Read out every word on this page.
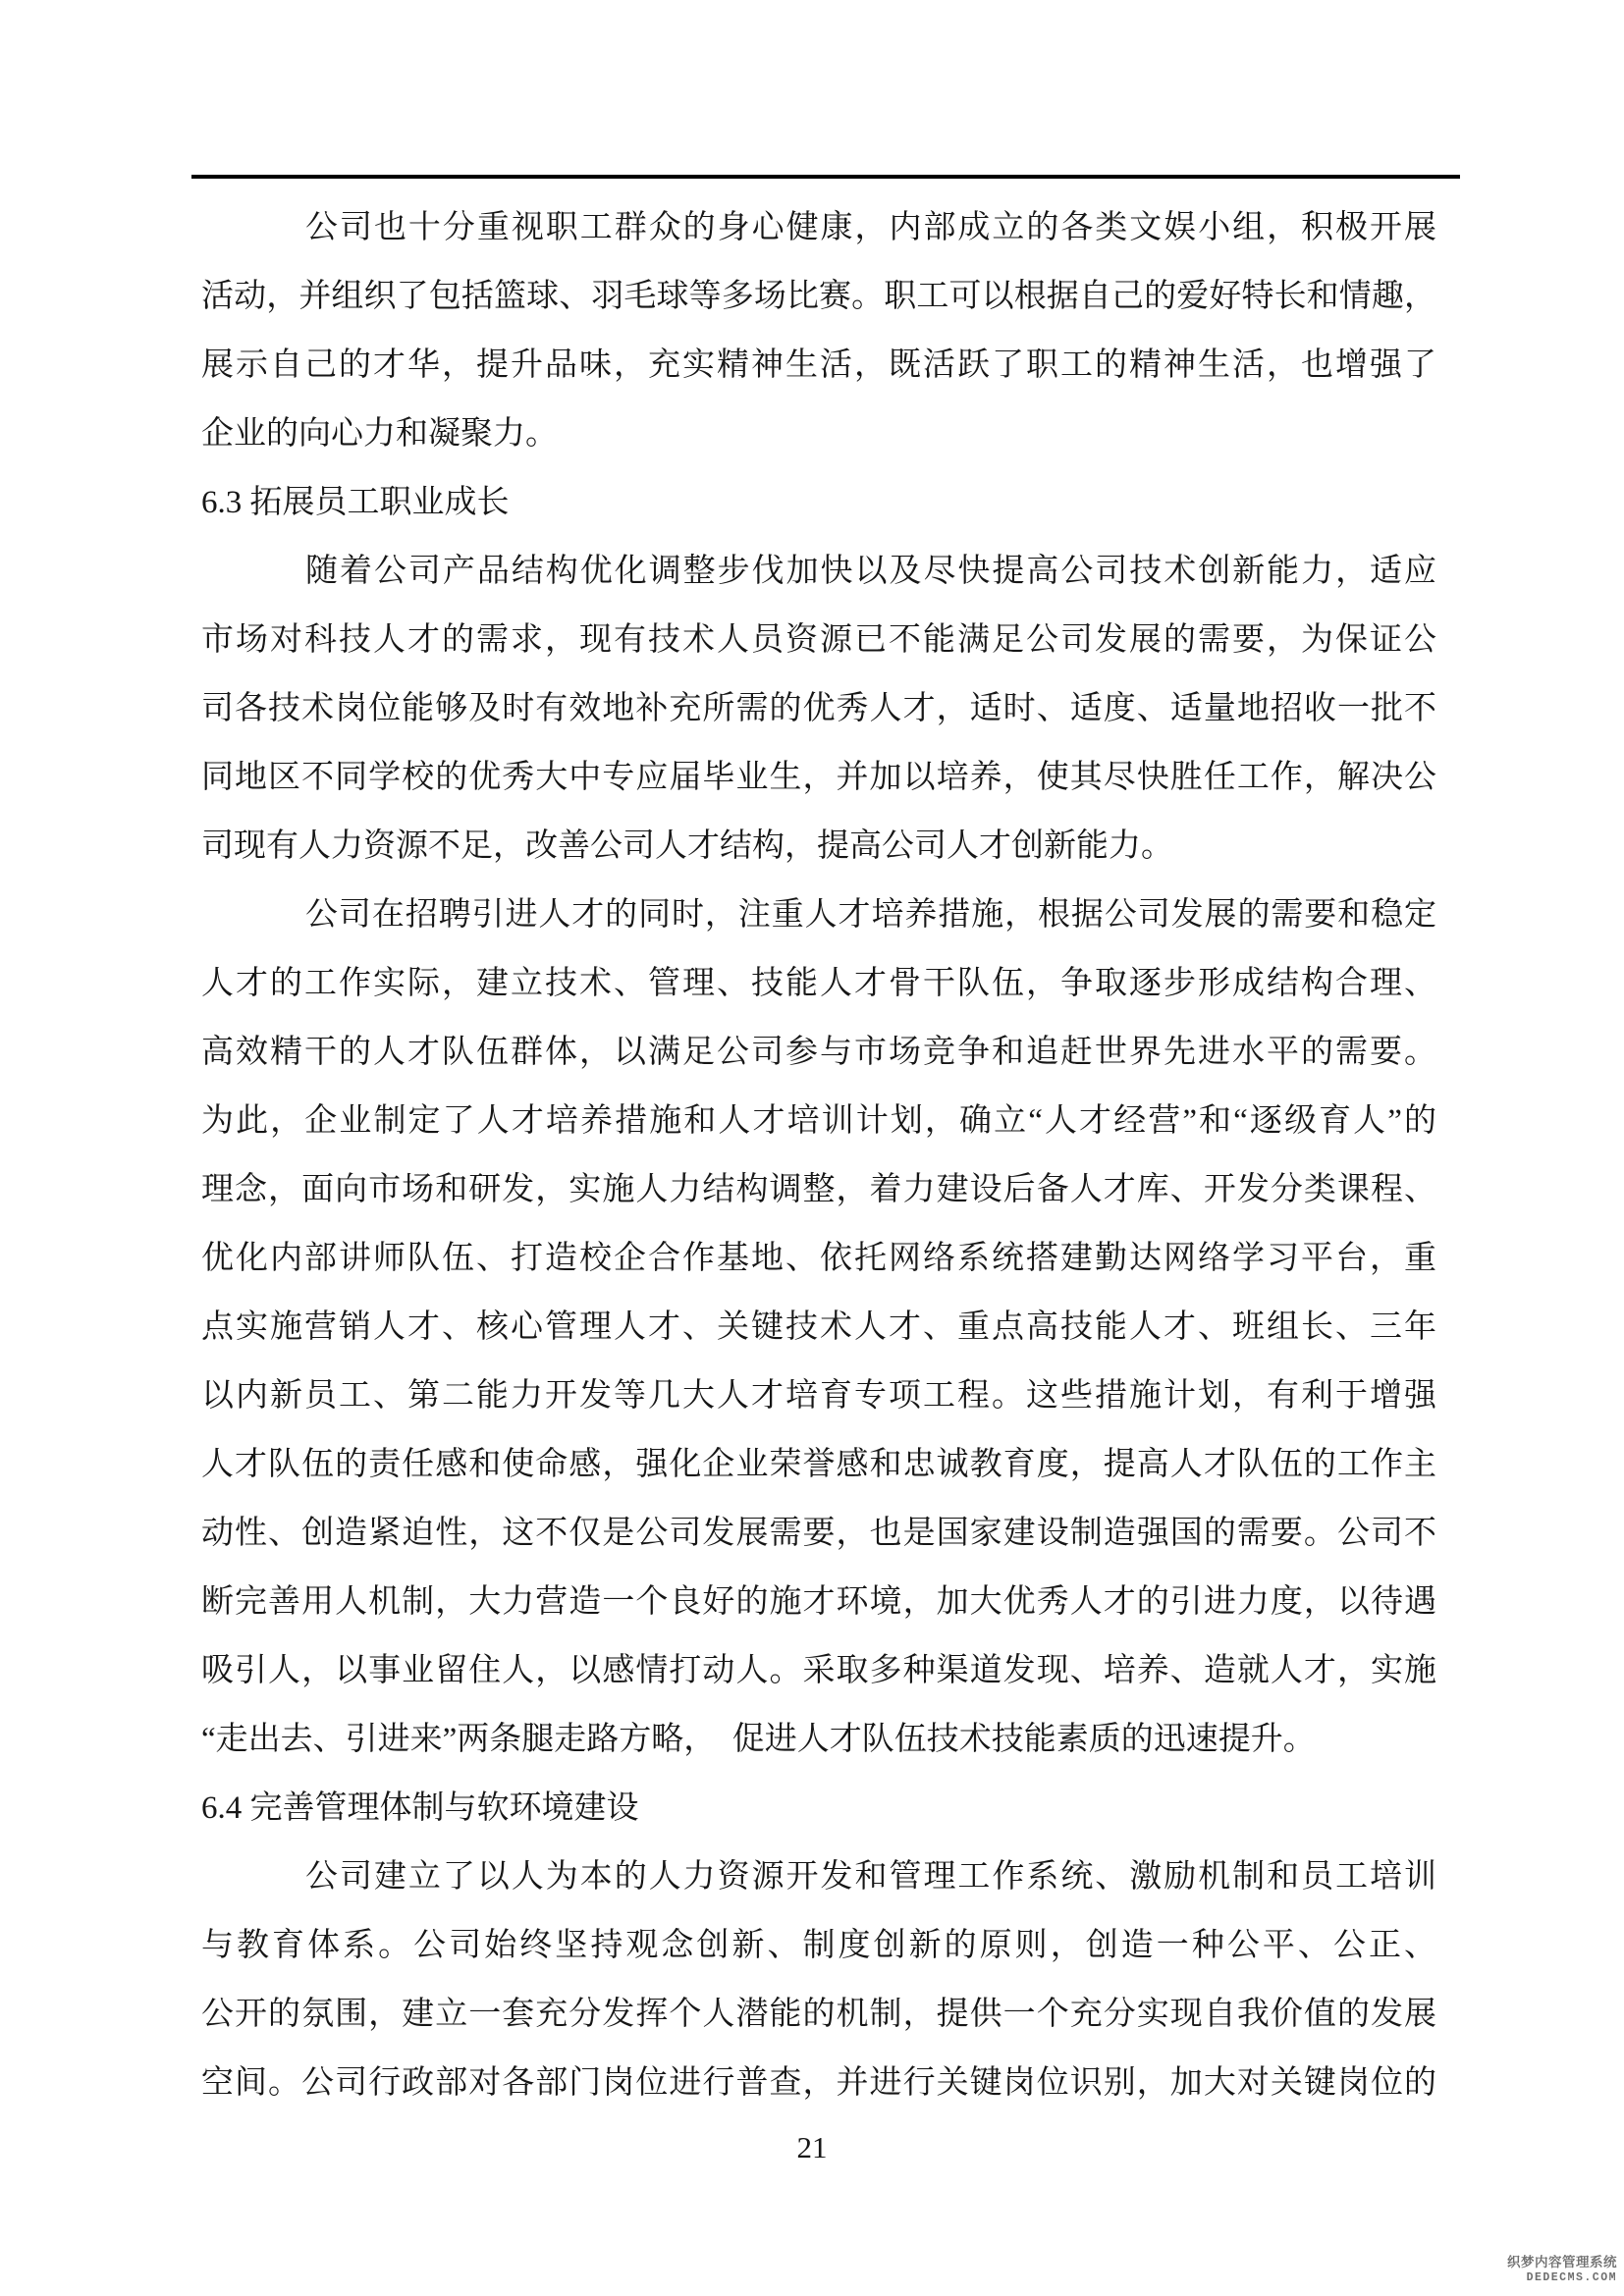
公司也十分重视职工群众的身心健康，内部成立的各类文娱小组，积极开展
活动，并组织了包括篮球、羽毛球等多场比赛。职工可以根据自己的爱好特长和情趣，
展示自己的才华，提升品味，充实精神生活，既活跃了职工的精神生活，也增强了
企业的向心力和凝聚力。
6.3 拓展员工职业成长
随着公司产品结构优化调整步伐加快以及尽快提高公司技术创新能力，适应
市场对科技人才的需求，现有技术人员资源已不能满足公司发展的需要，为保证公
司各技术岗位能够及时有效地补充所需的优秀人才，适时、适度、适量地招收一批不
同地区不同学校的优秀大中专应届毕业生，并加以培养，使其尽快胜任工作，解决公
司现有人力资源不足，改善公司人才结构，提高公司人才创新能力。
公司在招聘引进人才的同时，注重人才培养措施，根据公司发展的需要和稳定
人才的工作实际，建立技术、管理、技能人才骨干队伍，争取逐步形成结构合理、
高效精干的人才队伍群体，以满足公司参与市场竞争和追赶世界先进水平的需要。
为此，企业制定了人才培养措施和人才培训计划，确立“人才经营”和“逐级育人”的
理念，面向市场和研发，实施人力结构调整，着力建设后备人才库、开发分类课程、
优化内部讲师队伍、打造校企合作基地、依托网络系统搭建勤达网络学习平台，重
点实施营销人才、核心管理人才、关键技术人才、重点高技能人才、班组长、三年
以内新员工、第二能力开发等几大人才培育专项工程。这些措施计划，有利于增强
人才队伍的责任感和使命感，强化企业荣誉感和忠诚教育度，提高人才队伍的工作主
动性、创造紧迫性，这不仅是公司发展需要，也是国家建设制造强国的需要。公司不
断完善用人机制，大力营造一个良好的施才环境，加大优秀人才的引进力度，以待遇
吸引人，以事业留住人，以感情打动人。采取多种渠道发现、培养、造就人才，实施
“走出去、引进来”两条腿走路方略，　促进人才队伍技术技能素质的迅速提升。
6.4 完善管理体制与软环境建设
公司建立了以人为本的人力资源开发和管理工作系统、激励机制和员工培训
与教育体系。公司始终坚持观念创新、制度创新的原则，创造一种公平、公正、
公开的氛围，建立一套充分发挥个人潜能的机制，提供一个充分实现自我价值的发展
空间。公司行政部对各部门岗位进行普查，并进行关键岗位识别，加大对关键岗位的
21
织梦内容管理系统
DEDECMS.COM
